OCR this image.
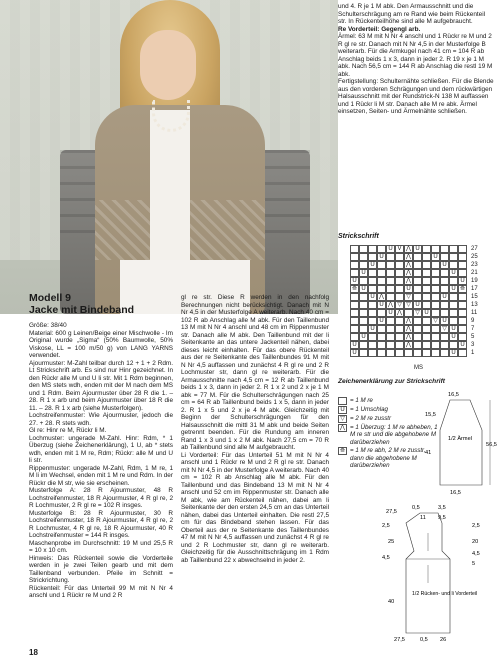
und 4. R je 1 M abk. Den Armausschnitt und die Schulterschrägung am re Rand wie beim Rückenteil str. In Rückenteilhöhe sind alle M aufgebraucht.

Re Vorderteil: Gegengl arb.

Ärmel: 63 M mit N Nr 4 anschl und 1 Rückr re M und 2 R gl re str. Danach mit N Nr 4,5 in der Musterfolge B weiterarb. Für die Armkugel nach 41 cm = 104 R ab Anschlag beids 1 x 3, dann in jeder 2. R 19 x je 1 M abk. Nach 56,5 cm = 144 R ab Anschlag die restl 19 M abk.

Fertigstellung: Schulternähte schließen. Für die Blende aus den vorderen Schrägungen und dem rückwärtigen Halsausschnitt mit der Rundstrick-N 138 M auffassen und 1 Rückr li M str. Danach alle M re abk. Ärmel einsetzen, Seiten- und Ärmelnähte schließen.

Strickschrift
U V ⋀ U	27
U	⋀	U	25
U	⋀	U	23
U	⋀	U	21
U	⋀	U	19
⟰ U	U	U ⟰ 17
U ⋀	▽	U	15
U ⋀ ▽ ▽ U	13
U ⋀	▽ U	11
U	⋀	▽ U	9
U	⋀	▽ U	7
U	⋀	U	5
U	⋀	U	3
U	U	1
MS
Zeichenerklärung zur Strickschrift
= 1 M re
U = 1 Umschlag
▽ = 2 M re zusstr
⋀ = 1 Überzug: 1 M re abheben, 1 M re str und die abgehobene M darüberziehen
⟰ = 1 M re abh, 2 M re zusstr, dann die abgehobene M darüberziehen
16,5
15,5
41
1/2 Ärmel
56,5
16,5
27,5
0,5	3,5
11 9,5
2,5
25
4,5
40
2,5
20
4,5
5
1/2 Rücken- und li Vorderteil
27,5	0,5 26
Modell 9
Jacke mit Bindeband

Größe: 38/40

Material: 600 g Leinen/Beige einer Mischwolle - Im Original wurde „Sigma“ (50% Baumwolle, 50% Viskose, LL = 100 m/50 g) von LANG YARNS verwendet.

Ajourmuster: M-Zahl teilbar durch 12 + 1 + 2 Rdm. Lt Strickschrift arb. Es sind nur Hinr gezeichnet. In den Rückr alle M und U li str. Mit 1 Rdm beginnen, den MS stets wdh, enden mit der M nach dem MS und 1 Rdm. Beim Ajourmuster über 28 R die 1. – 28. R 1 x arb und beim Ajourmuster über 18 R die 11. – 28. R 1 x arb (siehe Musterfolgen).

Lochstreifenmuster: Wie Ajourmuster, jedoch die 27. + 28. R stets wdh.

Gl re: Hinr re M, Rückr li M.

Lochmuster: ungerade M-Zahl. Hinr: Rdm, * 1 Überzug (siehe Zeichenerklärung), 1 U, ab * stets wdh, enden mit 1 M re, Rdm; Rückr: alle M und U li str.

Rippenmuster: ungerade M-Zahl, Rdm, 1 M re, 1 M li im Wechsel, enden mit 1 M re und Rdm. In der Rückr die M str, wie sie erscheinen.

Musterfolge A: 28 R Ajourmuster, 48 R Lochstreifenmuster, 18 R Ajourmuster, 4 R gl re, 2 R Lochmuster, 2 R gl re = 102 R insges.

Musterfolge B: 28 R Ajourmuster, 30 R Lochstreifenmuster, 18 R Ajourmuster, 4 R gl re, 2 R Lochmuster, 4 R gl re, 18 R Ajourmuster, 40 R Lochstreifenmuster = 144 R insges.

Maschenprobe im Durchschnitt: 19 M und 25,5 R = 10 x 10 cm.

Hinweis: Das Rückenteil sowie die Vorderteile werden in je zwei Teilen gearb und mit dem Taillenband verbunden. Pfeile im Schnitt = Strickrichtung.

Rückenteil: Für das Unterteil 99 M mit N Nr 4 anschl und 1 Rückr re M und 2 R

gl re str. Diese R werden in den nachfolg Berechnungen nicht berücksichtigt. Danach mit N Nr 4,5 in der Musterfolge A weiterarb. Nach 40 cm = 102 R ab Anschlag alle M abk. Für den Taillenbund 13 M mit N Nr 4 anschl und 48 cm im Rippenmuster str. Danach alle M abk. Den Taillenbund mit der li Seitenkante an das untere Jackenteil nähen, dabei dieses leicht einhalten. Für das obere Rückenteil aus der re Seitenkante des Taillenbundes 91 M mit N Nr 4,5 auffassen und zunächst 4 R gl re und 2 R Lochmuster str, dann gl re weiterarb. Für die Armausschnitte nach 4,5 cm = 12 R ab Taillenbund beids 1 x 3, dann in jeder 2. R 1 x 2 und 2 x je 1 M abk = 77 M. Für die Schulterschrägungen nach 25 cm = 64 R ab Taillenbund beids 1 x 5, dann in jeder 2. R 1 x 5 und 2 x je 4 M abk. Gleichzeitig mit Beginn der Schulterschrägungen für den Halsausschnitt die mittl 31 M abk und beide Seiten getrennt beenden. Für die Rundung am inneren Rand 1 x 3 und 1 x 2 M abk. Nach 27,5 cm = 70 R ab Taillenbund sind alle M aufgebraucht.

Li Vorderteil: Für das Unterteil 51 M mit N Nr 4 anschl und 1 Rückr re M und 2 R gl re str. Danach mit N Nr 4,5 in der Musterfolge A weiterarb. Nach 40 cm = 102 R ab Anschlag alle M abk. Für den Taillenbund und das Bindeband 13 M mit N Nr 4 anschl und 52 cm im Rippenmuster str. Danach alle M abk, wie am Rückenteil nähen, dabei am li Seitenkante der den ersten 24,5 cm an das Unterteil nähen, dabei das Unterteil einhalten. Die restl 27,5 cm für das Bindeband stehen lassen. Für das Oberteil aus der re Seitenkante des Taillenbundes 47 M mit N Nr 4,5 auffassen und zunächst 4 R gl re und 2 R Lochmuster str, dann gl re weiterarb. Gleichzeitig für die Ausschnittschrägung im 1 Rdm ab Taillenbund 22 x abwechselnd in jeder 2.

18
